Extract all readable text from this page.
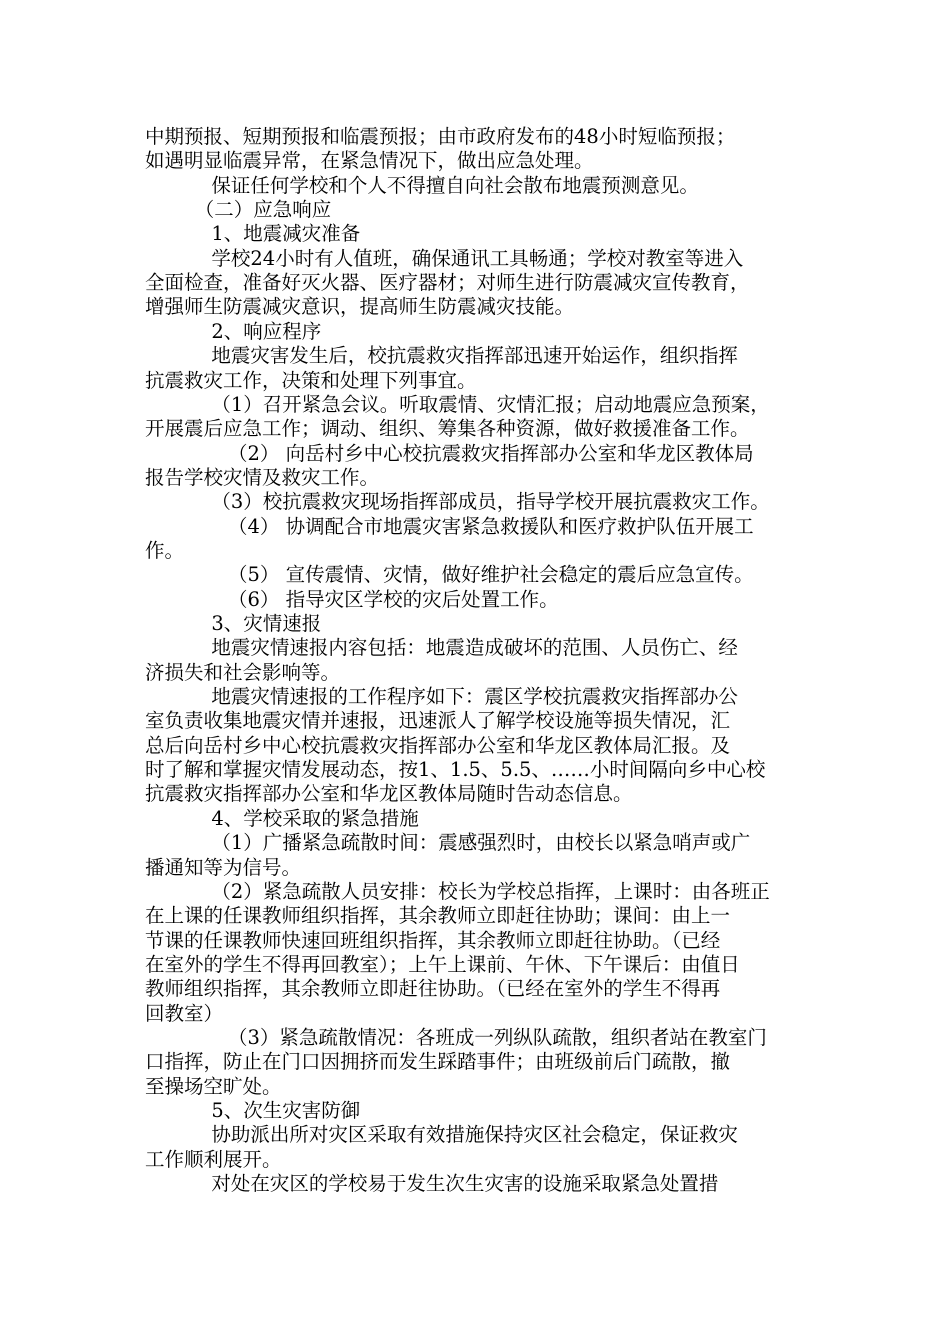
中期预报、短期预报和临震预报；由市政府发布的48小时短临预报；
如遇明显临震异常，在紧急情况下，做出应急处理。
保证任何学校和个人不得擅自向社会散布地震预测意见。
（二）应急响应
1、地震减灾准备
学校24小时有人值班，确保通讯工具畅通；学校对教室等进入
全面检查，准备好灭火器、医疗器材；对师生进行防震减灾宣传教育，
增强师生防震减灾意识，提高师生防震减灾技能。
2、响应程序
地震灾害发生后，校抗震救灾指挥部迅速开始运作，组织指挥
抗震救灾工作，决策和处理下列事宜。
（1）召开紧急会议。听取震情、灾情汇报；启动地震应急预案，
开展震后应急工作；调动、组织、筹集各种资源，做好救援准备工作。
（2） 向岳村乡中心校抗震救灾指挥部办公室和华龙区教体局
报告学校灾情及救灾工作。
（3）校抗震救灾现场指挥部成员，指导学校开展抗震救灾工作。
（4） 协调配合市地震灾害紧急救援队和医疗救护队伍开展工
作。
（5） 宣传震情、灾情，做好维护社会稳定的震后应急宣传。
（6） 指导灾区学校的灾后处置工作。
3、灾情速报
地震灾情速报内容包括：地震造成破坏的范围、人员伤亡、经
济损失和社会影响等。
地震灾情速报的工作程序如下：震区学校抗震救灾指挥部办公
室负责收集地震灾情并速报，迅速派人了解学校设施等损失情况，汇
总后向岳村乡中心校抗震救灾指挥部办公室和华龙区教体局汇报。及
时了解和掌握灾情发展动态，按1、1.5、5.5、……小时间隔向乡中心校
抗震救灾指挥部办公室和华龙区教体局随时告动态信息。
4、学校采取的紧急措施
（1）广播紧急疏散时间：震感强烈时，由校长以紧急哨声或广
播通知等为信号。
（2）紧急疏散人员安排：校长为学校总指挥，上课时：由各班正
在上课的任课教师组织指挥，其余教师立即赶往协助；课间：由上一
节课的任课教师快速回班组织指挥，其余教师立即赶往协助。（已经
在室外的学生不得再回教室）；上午上课前、午休、下午课后：由值日
教师组织指挥，其余教师立即赶往协助。（已经在室外的学生不得再
回教室）
（3）紧急疏散情况：各班成一列纵队疏散，组织者站在教室门
口指挥，防止在门口因拥挤而发生踩踏事件；由班级前后门疏散，撤
至操场空旷处。
5、次生灾害防御
协助派出所对灾区采取有效措施保持灾区社会稳定，保证救灾
工作顺利展开。
对处在灾区的学校易于发生次生灾害的设施采取紧急处置措
